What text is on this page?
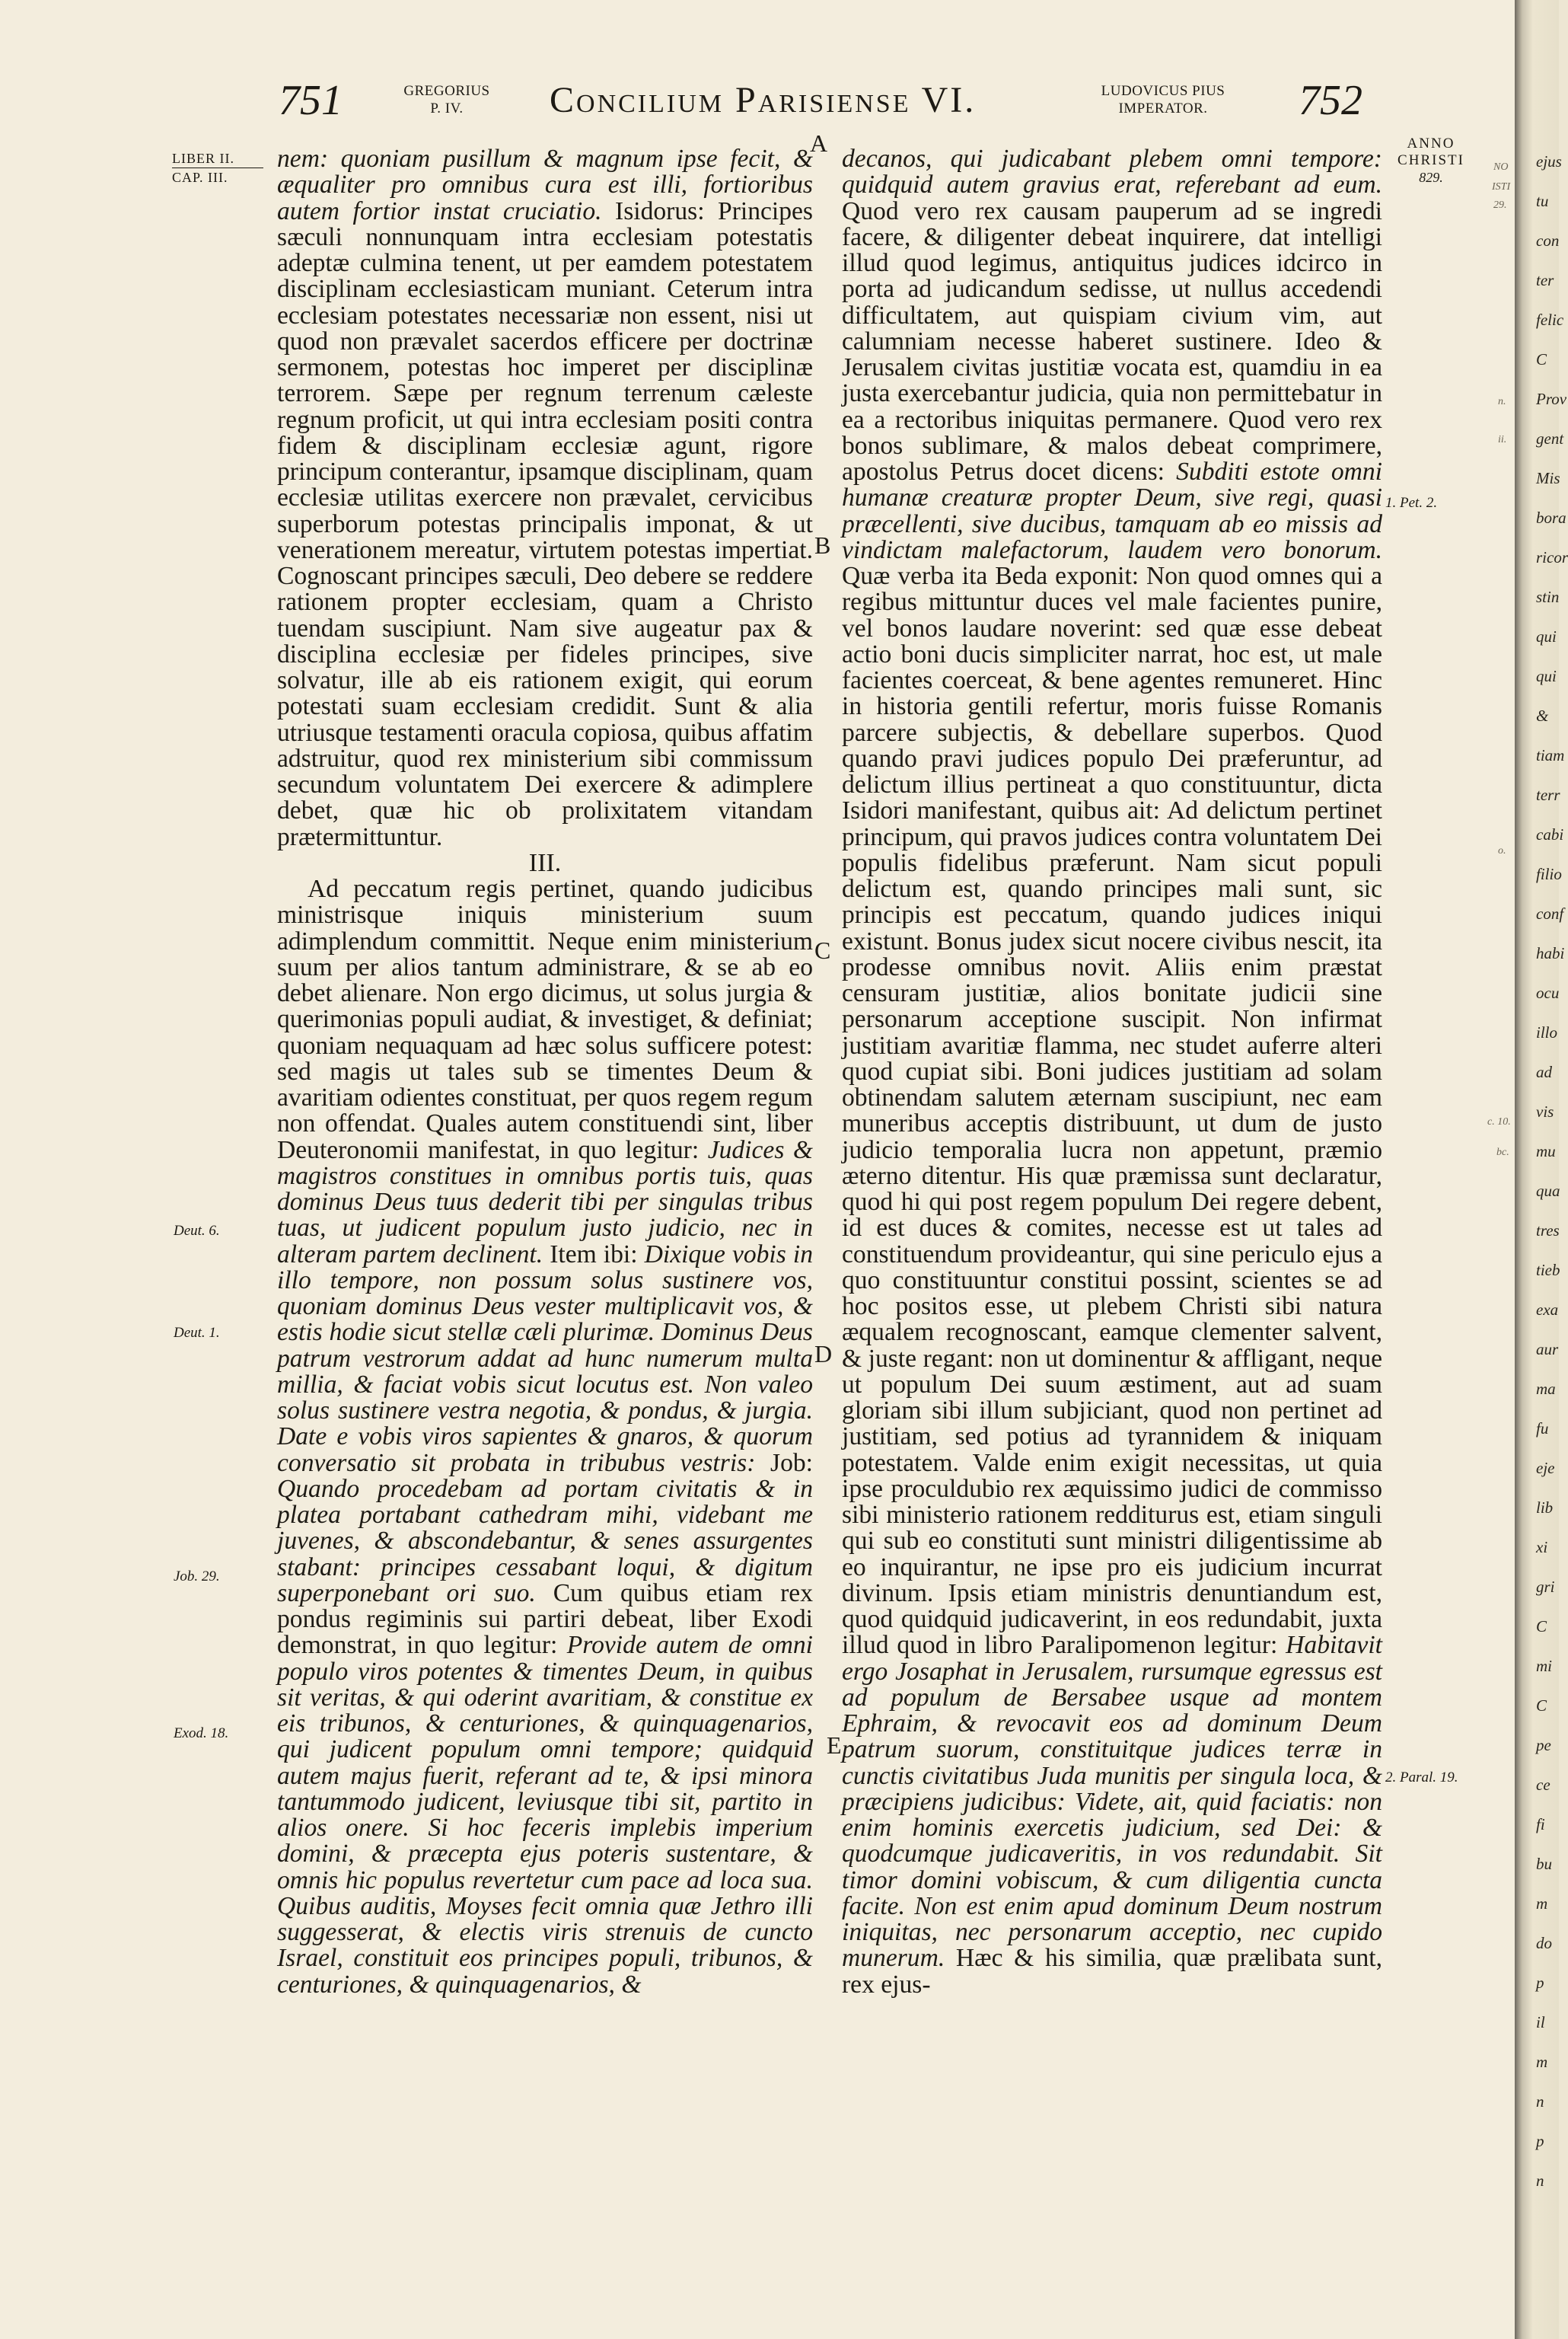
751	GREGORIUS
P. IV.	Concilium Parisiense VI.	LUDOVICUS PIUS
IMPERATOR.	752
LIBER II.
CAP. III.
Deut. 6.
Deut. 1.
Job. 29.
Exod. 18.
A
B
C
D
E

nem: quoniam pusillum & magnum ipse fecit, & æqualiter pro omnibus cura est illi, fortioribus autem fortior instat cruciatio. Isidorus: Principes sæculi nonnunquam intra ecclesiam potestatis adeptæ culmina tenent, ut per eamdem potestatem disciplinam ecclesiasticam muniant. Ceterum intra ecclesiam potestates necessariæ non essent, nisi ut quod non prævalet sacerdos efficere per doctrinæ sermonem, potestas hoc imperet per disciplinæ terrorem. Sæpe per regnum terrenum cæleste regnum proficit, ut qui intra ecclesiam positi contra fidem & disciplinam ecclesiæ agunt, rigore principum conterantur, ipsamque disciplinam, quam ecclesiæ utilitas exercere non prævalet, cervicibus superborum potestas principalis imponat, & ut venerationem mereatur, virtutem potestas impertiat. Cognoscant principes sæculi, Deo debere se reddere rationem propter ecclesiam, quam a Christo tuendam suscipiunt. Nam sive augeatur pax & disciplina ecclesiæ per fideles principes, sive solvatur, ille ab eis rationem exigit, qui eorum potestati suam ecclesiam credidit. Sunt & alia utriusque testamenti oracula copiosa, quibus affatim adstruitur, quod rex ministerium sibi commissum secundum voluntatem Dei exercere & adimplere debet, quæ hic ob prolixitatem vitandam prætermittuntur.

III.

Ad peccatum regis pertinet, quando judicibus ministrisque iniquis ministerium suum adimplendum committit. Neque enim ministerium suum per alios tantum administrare, & se ab eo debet alienare. Non ergo dicimus, ut solus jurgia & querimonias populi audiat, & investiget, & definiat; quoniam nequaquam ad hæc solus sufficere potest: sed magis ut tales sub se timentes Deum & avaritiam odientes constituat, per quos regem regum non offendat. Quales autem constituendi sint, liber Deuteronomii manifestat, in quo legitur: Judices & magistros constitues in omnibus portis tuis, quas dominus Deus tuus dederit tibi per singulas tribus tuas, ut judicent populum justo judicio, nec in alteram partem declinent. Item ibi: Dixique vobis in illo tempore, non possum solus sustinere vos, quoniam dominus Deus vester multiplicavit vos, & estis hodie sicut stellæ cæli plurimæ. Dominus Deus patrum vestrorum addat ad hunc numerum multa millia, & faciat vobis sicut locutus est. Non valeo solus sustinere vestra negotia, & pondus, & jurgia. Date e vobis viros sapientes & gnaros, & quorum conversatio sit probata in tribubus vestris: Job: Quando procedebam ad portam civitatis & in platea portabant cathedram mihi, videbant me juvenes, & abscondebantur, & senes assurgentes stabant: principes cessabant loqui, & digitum superponebant ori suo. Cum quibus etiam rex pondus regiminis sui partiri debeat, liber Exodi demonstrat, in quo legitur: Provide autem de omni populo viros potentes & timentes Deum, in quibus sit veritas, & qui oderint avaritiam, & constitue ex eis tribunos, & centuriones, & quinquagenarios, qui judicent populum omni tempore; quidquid autem majus fuerit, referant ad te, & ipsi minora tantummodo judicent, leviusque tibi sit, partito in alios onere. Si hoc feceris implebis imperium domini, & præcepta ejus poteris sustentare, & omnis hic populus revertetur cum pace ad loca sua. Quibus auditis, Moyses fecit omnia quæ Jethro illi suggesserat, & electis viris strenuis de cuncto Israel, constituit eos principes populi, tribunos, & centuriones, & quinquagenarios, &

decanos, qui judicabant plebem omni tempore: quidquid autem gravius erat, referebant ad eum. Quod vero rex causam pauperum ad se ingredi facere, & diligenter debeat inquirere, dat intelligi illud quod legimus, antiquitus judices idcirco in porta ad judicandum sedisse, ut nullus accedendi difficultatem, aut quispiam civium vim, aut calumniam necesse haberet sustinere. Ideo & Jerusalem civitas justitiæ vocata est, quamdiu in ea justa exercebantur judicia, quia non permittebatur in ea a rectoribus iniquitas permanere. Quod vero rex bonos sublimare, & malos debeat comprimere, apostolus Petrus docet dicens: Subditi estote omni humanæ creaturæ propter Deum, sive regi, quasi præcellenti, sive ducibus, tamquam ab eo missis ad vindictam malefactorum, laudem vero bonorum. Quæ verba ita Beda exponit: Non quod omnes qui a regibus mittuntur duces vel male facientes punire, vel bonos laudare noverint: sed quæ esse debeat actio boni ducis simpliciter narrat, hoc est, ut male facientes coerceat, & bene agentes remuneret. Hinc in historia gentili refertur, moris fuisse Romanis parcere subjectis, & debellare superbos. Quod quando pravi judices populo Dei præferuntur, ad delictum illius pertineat a quo constituuntur, dicta Isidori manifestant, quibus ait: Ad delictum pertinet principum, qui pravos judices contra voluntatem Dei populis fidelibus præferunt. Nam sicut populi delictum est, quando principes mali sunt, sic principis est peccatum, quando judices iniqui existunt. Bonus judex sicut nocere civibus nescit, ita prodesse omnibus novit. Aliis enim præstat censuram justitiæ, alios bonitate judicii sine personarum acceptione suscipit. Non infirmat justitiam avaritiæ flamma, nec studet auferre alteri quod cupiat sibi. Boni judices justitiam ad solam obtinendam salutem æternam suscipiunt, nec eam muneribus acceptis distribuunt, ut dum de justo judicio temporalia lucra non appetunt, præmio æterno ditentur. His quæ præmissa sunt declaratur, quod hi qui post regem populum Dei regere debent, id est duces & comites, necesse est ut tales ad constituendum provideantur, qui sine periculo ejus a quo constituuntur constitui possint, scientes se ad hoc positos esse, ut plebem Christi sibi natura æqualem recognoscant, eamque clementer salvent, & juste regant: non ut dominentur & affligant, neque ut populum Dei suum æstiment, aut ad suam gloriam sibi illum subjiciant, quod non pertinet ad justitiam, sed potius ad tyrannidem & iniquam potestatem. Valde enim exigit necessitas, ut quia ipse proculdubio rex æquissimo judici de commisso sibi ministerio rationem redditurus est, etiam singuli qui sub eo constituti sunt ministri diligentissime ab eo inquirantur, ne ipse pro eis judicium incurrat divinum. Ipsis etiam ministris denuntiandum est, quod quidquid judicaverint, in eos redundabit, juxta illud quod in libro Paralipomenon legitur: Habitavit ergo Josaphat in Jerusalem, rursumque egressus est ad populum de Bersabee usque ad montem Ephraim, & revocavit eos ad dominum Deum patrum suorum, constituitque judices terræ in cunctis civitatibus Juda munitis per singula loca, & præcipiens judicibus: Videte, ait, quid faciatis: non enim hominis exercetis judicium, sed Dei: & quodcumque judicaveritis, in vos redundabit. Sit timor domini vobiscum, & cum diligentia cuncta facite. Non est enim apud dominum Deum nostrum iniquitas, nec personarum acceptio, nec cupido munerum. Hæc & his similia, quæ prælibata sunt, rex ejus-

ANNO
CHRISTI
829.
1. Pet. 2.
2. Paral. 19.
NO
ISTI
29.
n.
ii.
o.
c. 10.
bc.
ejus
tu
con
ter
felic
C
Prov
gent
Mis
bora
ricor
stin
qui
qui
&
tiam
terr
cabi
filio
conf
habi
ocu
illo
ad
vis
mu
qua
tres
tieb
exa
aur
ma
fu
eje
lib
xi
gri
C
mi
C
pe
ce
fi
bu
m
do
p
il
m
n
p
n
